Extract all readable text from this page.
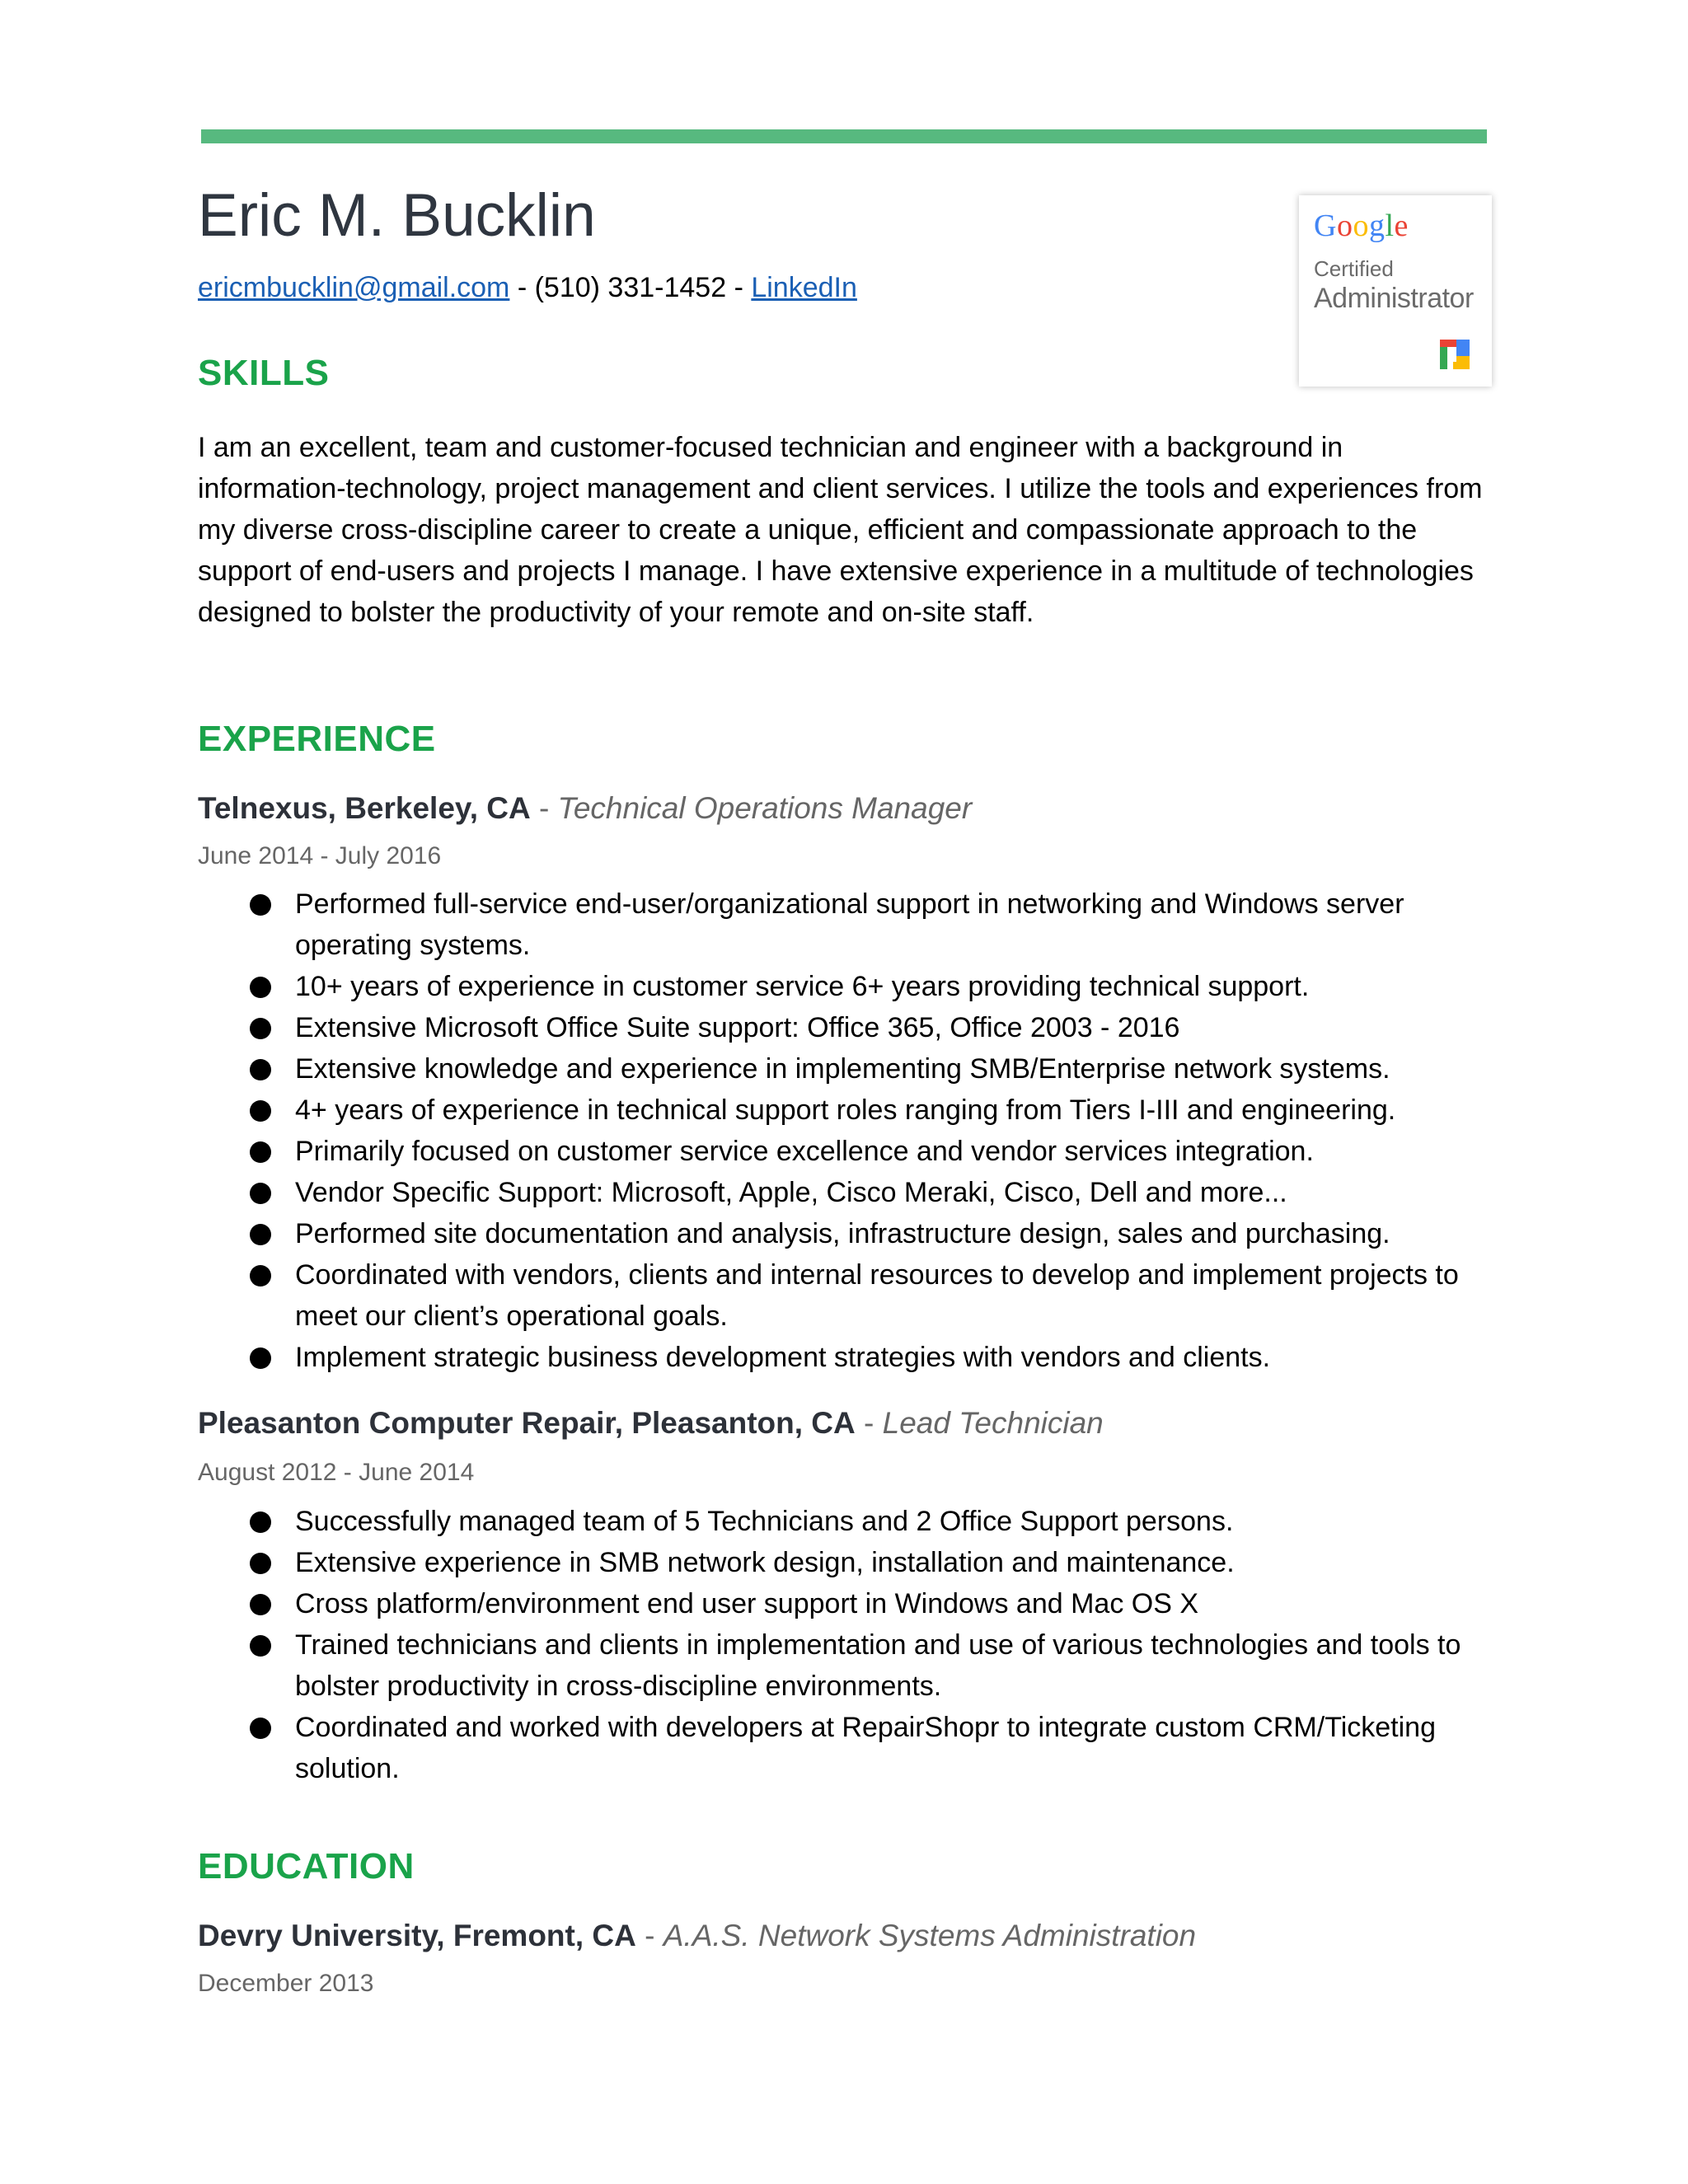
Eric M. Bucklin
ericmbucklin@gmail.com - (510) 331-1452 - LinkedIn
Google
Certified
Administrator
SKILLS

I am an excellent, team and customer-focused technician and engineer with a background in information-technology, project management and client services. I utilize the tools and experiences from my diverse cross-discipline career to create a unique, efficient and compassionate approach to the support of end-users and projects I manage. I have extensive experience in a multitude of technologies designed to bolster the productivity of your remote and on-site staff.

EXPERIENCE
Telnexus, Berkeley, CA - Technical Operations Manager
June 2014 - July 2016
Performed full-service end-user/organizational support in networking and Windows server operating systems.
10+ years of experience in customer service 6+ years providing technical support.
Extensive Microsoft Office Suite support: Office 365, Office 2003 - 2016
Extensive knowledge and experience in implementing SMB/Enterprise network systems.
4+ years of experience in technical support roles ranging from Tiers I-III and engineering.
Primarily focused on customer service excellence and vendor services integration.
Vendor Specific Support: Microsoft, Apple, Cisco Meraki, Cisco, Dell and more...
Performed site documentation and analysis, infrastructure design, sales and purchasing.
Coordinated with vendors, clients and internal resources to develop and implement projects to meet our client’s operational goals.
Implement strategic business development strategies with vendors and clients.
Pleasanton Computer Repair, Pleasanton, CA - Lead Technician
August 2012 - June 2014
Successfully managed team of 5 Technicians and 2 Office Support persons.
Extensive experience in SMB network design, installation and maintenance.
Cross platform/environment end user support in Windows and Mac OS X
Trained technicians and clients in implementation and use of various technologies and tools to bolster productivity in cross-discipline environments.
Coordinated and worked with developers at RepairShopr to integrate custom CRM/Ticketing solution.
EDUCATION
Devry University, Fremont, CA - A.A.S. Network Systems Administration
December 2013
